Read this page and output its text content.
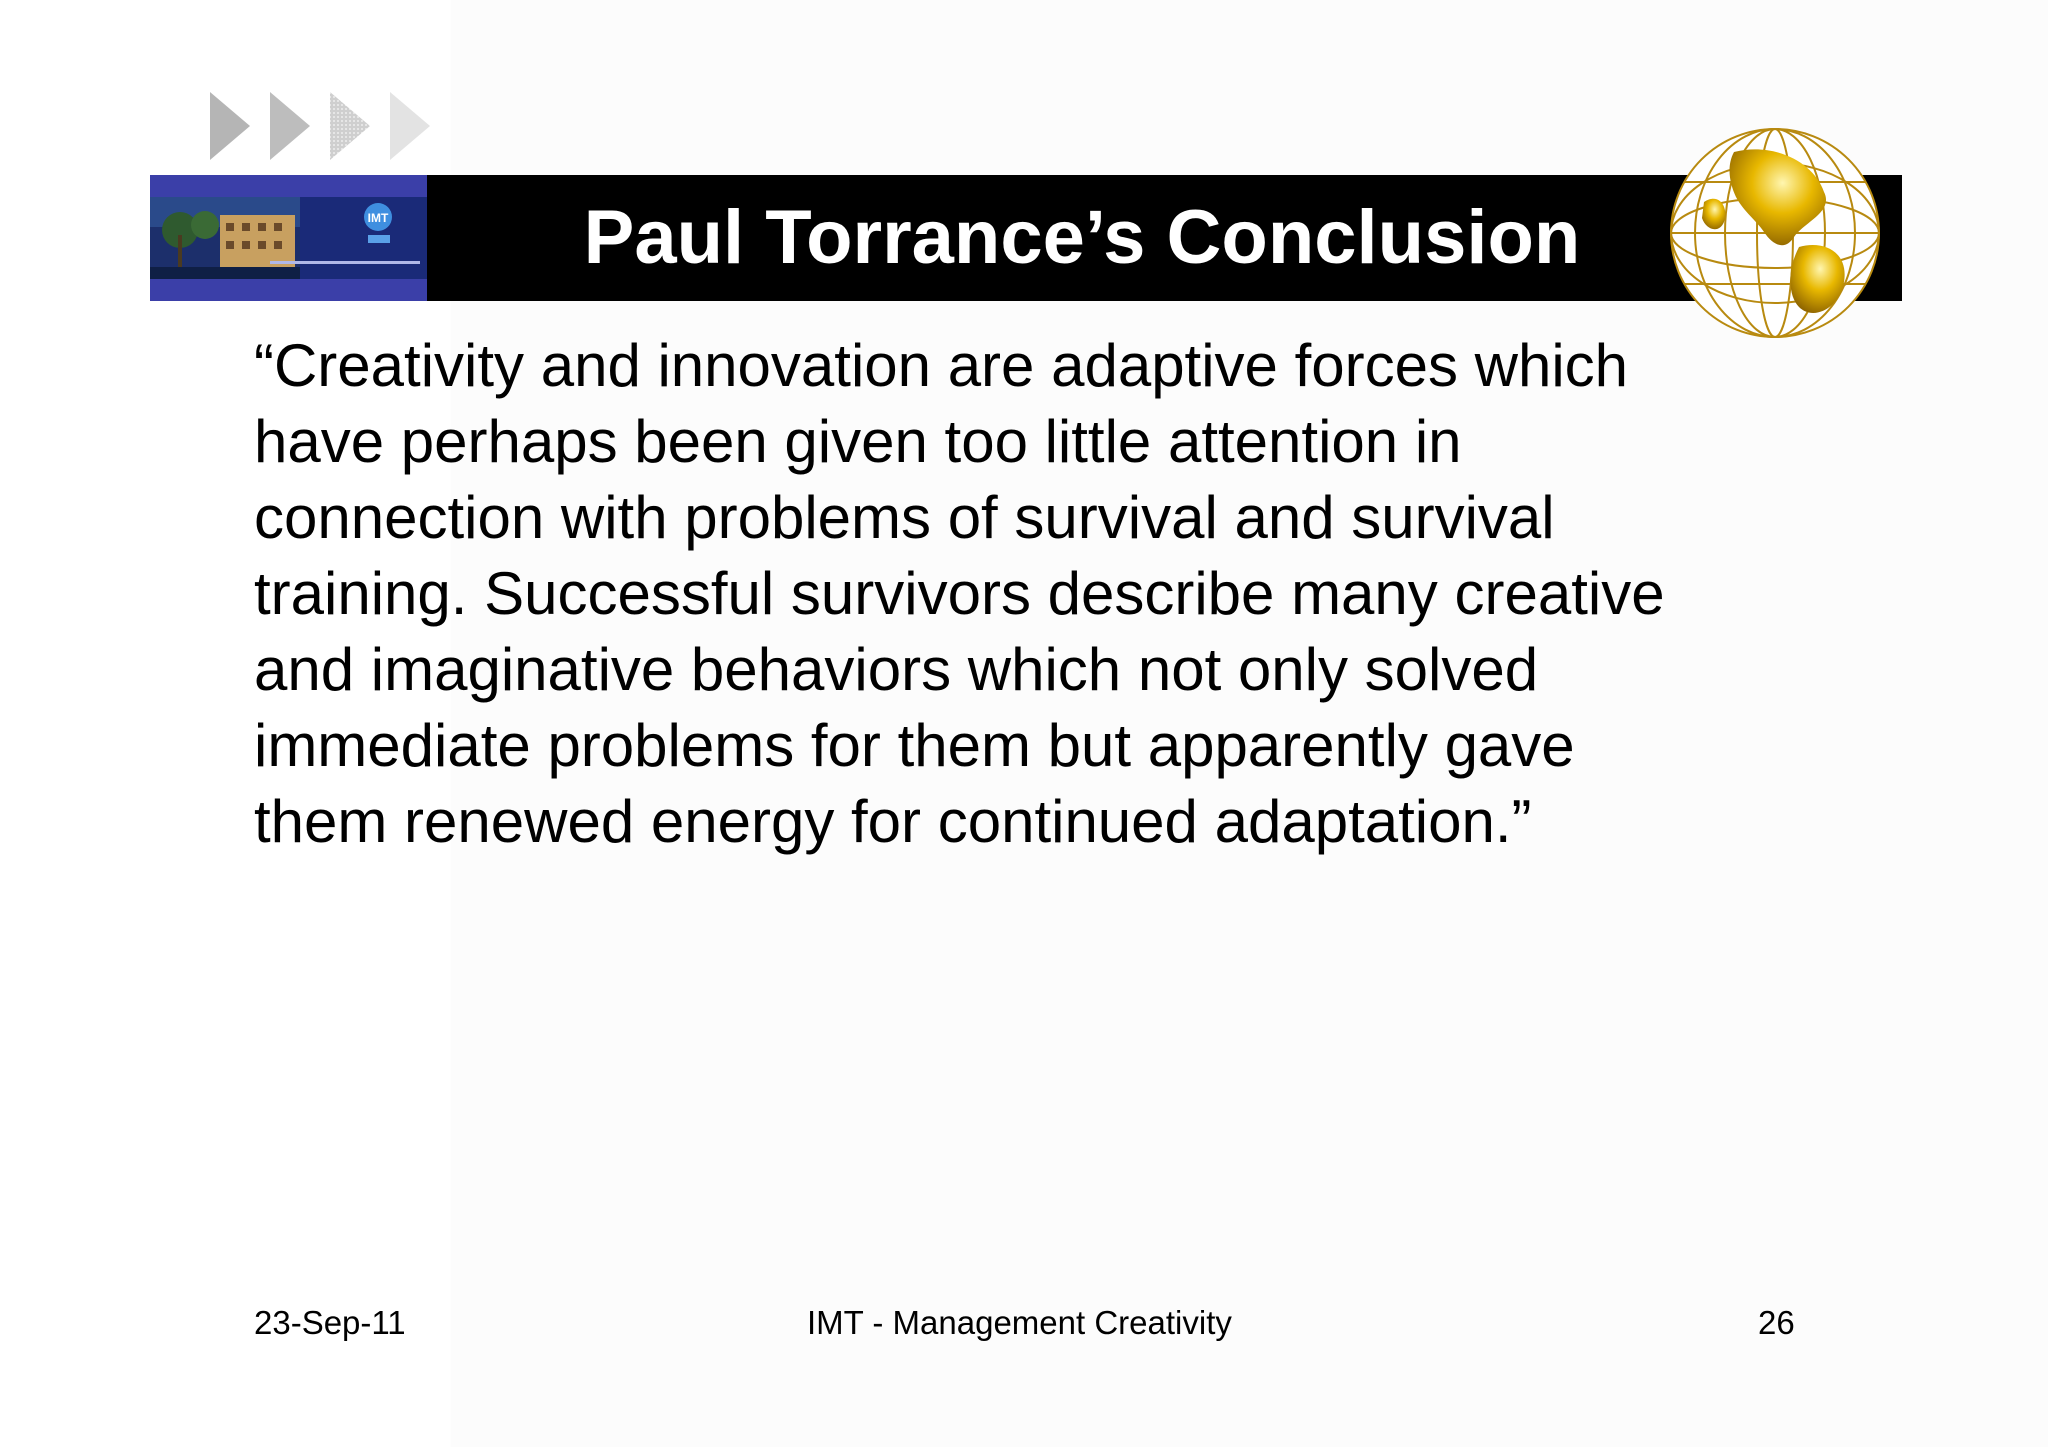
IMT	Paul Torrance’s Conclusion

“Creativity and innovation are adaptive forces which
have perhaps been given too little attention in
connection with problems of survival and survival
training. Successful survivors describe many creative
and imaginative behaviors which not only solved
immediate problems for them but apparently gave
them renewed energy for continued adaptation.”

23-Sep-11	IMT - Management Creativity	26
